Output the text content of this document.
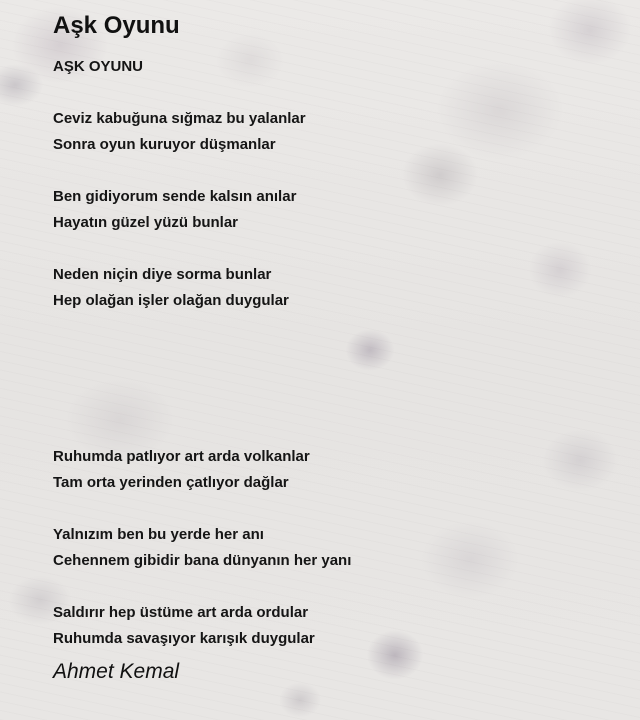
Aşk Oyunu
AŞK OYUNU
Ceviz kabuğuna sığmaz bu yalanlar
Sonra oyun kuruyor düşmanlar
Ben gidiyorum sende kalsın anılar
Hayatın güzel yüzü bunlar
Neden niçin diye sorma bunlar
Hep olağan işler olağan duygular
Ruhumda patlıyor art arda volkanlar
Tam orta yerinden çatlıyor dağlar
Yalnızım ben bu yerde her anı
Cehennem gibidir bana dünyanın her yanı
Saldırır hep üstüme art arda ordular
Ruhumda savaşıyor karışık duygular

Ahmet Kemal
